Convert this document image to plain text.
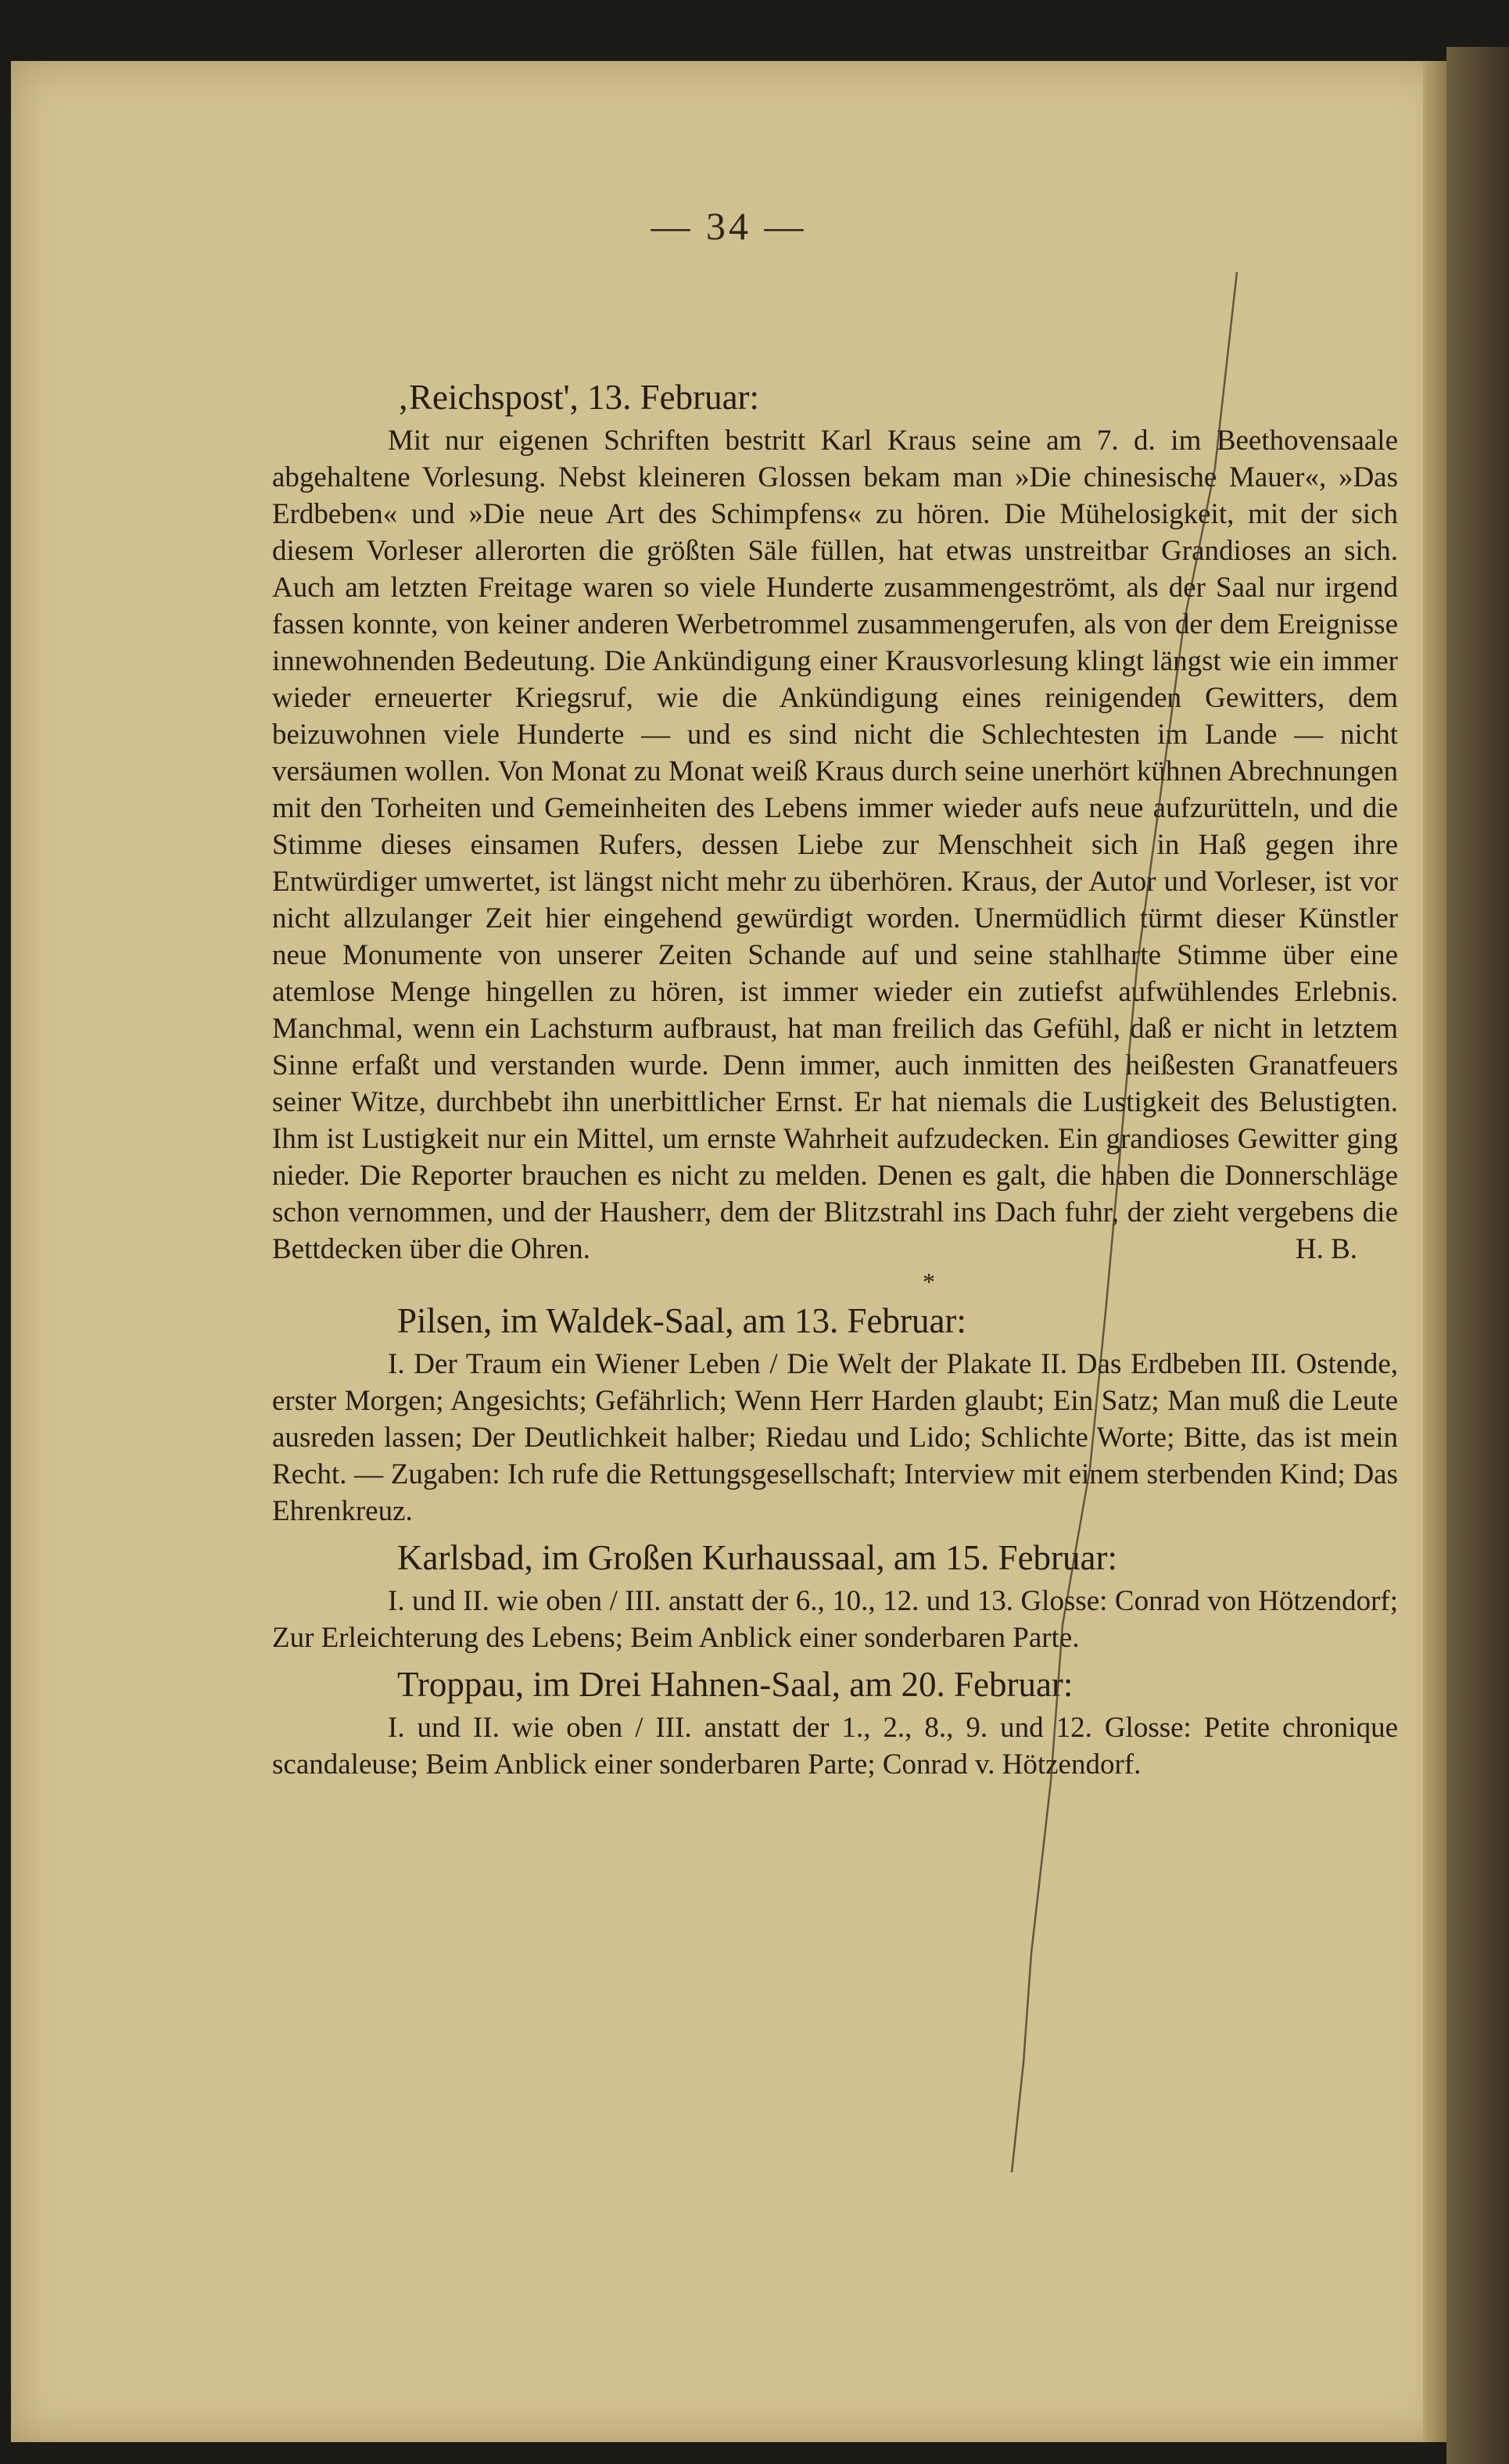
— 34 —

‚Reichspost', 13. Februar:

Mit nur eigenen Schriften bestritt Karl Kraus seine am 7. d. im Beethovensaale abgehaltene Vorlesung. Nebst kleineren Glossen bekam man »Die chinesische Mauer«, »Das Erdbeben« und »Die neue Art des Schimpfens« zu hören. Die Mühelosigkeit, mit der sich diesem Vorleser allerorten die größten Säle füllen, hat etwas unstreitbar Grandioses an sich. Auch am letzten Freitage waren so viele Hunderte zusammengeströmt, als der Saal nur irgend fassen konnte, von keiner anderen Werbetrommel zusammengerufen, als von der dem Ereignisse innewohnenden Bedeutung. Die Ankündigung einer Krausvorlesung klingt längst wie ein immer wieder erneuerter Kriegsruf, wie die Ankündigung eines reinigenden Gewitters, dem beizuwohnen viele Hunderte — und es sind nicht die Schlechtesten im Lande — nicht versäumen wollen. Von Monat zu Monat weiß Kraus durch seine unerhört kühnen Abrechnungen mit den Torheiten und Gemeinheiten des Lebens immer wieder aufs neue aufzurütteln, und die Stimme dieses einsamen Rufers, dessen Liebe zur Menschheit sich in Haß gegen ihre Entwürdiger umwertet, ist längst nicht mehr zu überhören. Kraus, der Autor und Vorleser, ist vor nicht allzulanger Zeit hier eingehend gewürdigt worden. Unermüdlich türmt dieser Künstler neue Monumente von unserer Zeiten Schande auf und seine stahlharte Stimme über eine atemlose Menge hingellen zu hören, ist immer wieder ein zutiefst aufwühlendes Erlebnis. Manchmal, wenn ein Lachsturm aufbraust, hat man freilich das Gefühl, daß er nicht in letztem Sinne erfaßt und verstanden wurde. Denn immer, auch inmitten des heißesten Granatfeuers seiner Witze, durchbebt ihn unerbittlicher Ernst. Er hat niemals die Lustigkeit des Belustigten. Ihm ist Lustigkeit nur ein Mittel, um ernste Wahrheit aufzudecken. Ein grandioses Gewitter ging nieder. Die Reporter brauchen es nicht zu melden. Denen es galt, die haben die Donnerschläge schon vernommen, und der Hausherr, dem der Blitzstrahl ins Dach fuhr, der zieht vergebens die Bettdecken über die Ohren.	H. B.
*

Pilsen, im Waldek-Saal, am 13. Februar:

I. Der Traum ein Wiener Leben / Die Welt der Plakate II. Das Erdbeben III. Ostende, erster Morgen; Angesichts; Gefährlich; Wenn Herr Harden glaubt; Ein Satz; Man muß die Leute ausreden lassen; Der Deutlichkeit halber; Riedau und Lido; Schlichte Worte; Bitte, das ist mein Recht. — Zugaben: Ich rufe die Rettungsgesellschaft; Interview mit einem sterbenden Kind; Das Ehrenkreuz.

Karlsbad, im Großen Kurhaussaal, am 15. Februar:

I. und II. wie oben / III. anstatt der 6., 10., 12. und 13. Glosse: Conrad von Hötzendorf; Zur Erleichterung des Lebens; Beim Anblick einer sonderbaren Parte.

Troppau, im Drei Hahnen-Saal, am 20. Februar:

I. und II. wie oben / III. anstatt der 1., 2., 8., 9. und 12. Glosse: Petite chronique scandaleuse; Beim Anblick einer sonderbaren Parte; Conrad v. Hötzendorf.
